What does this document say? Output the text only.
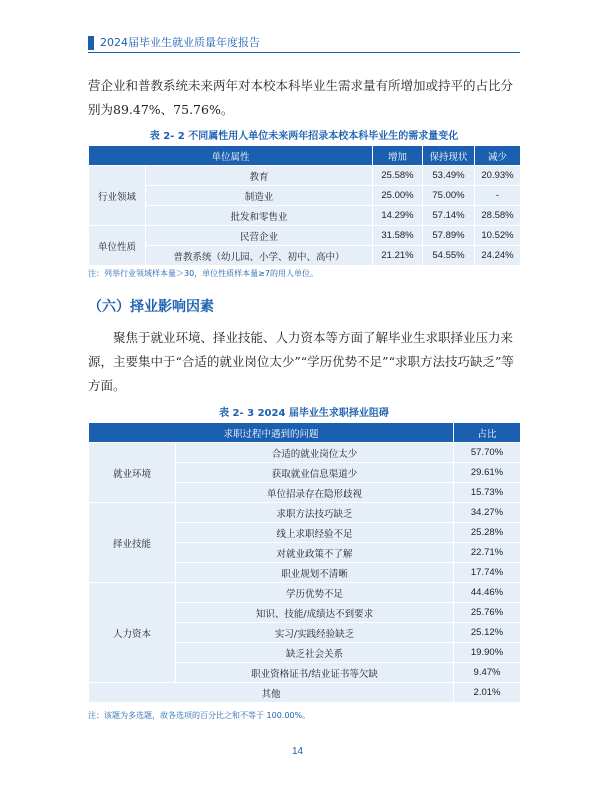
2024届毕业生就业质量年度报告
营企业和普教系统未来两年对本校本科毕业生需求量有所增加或持平的占比分别为89.47%、75.76%。
表 2- 2 不同属性用人单位未来两年招录本校本科毕业生的需求量变化
单位属性		增加	保持现状	减少
行业领域	教育	25.58%	53.49%	20.93%
	制造业	25.00%	75.00%	-
	批发和零售业	14.29%	57.14%	28.58%
单位性质	民营企业	31.58%	57.89%	10.52%
	普教系统（幼儿园、小学、初中、高中）	21.21%	54.55%	24.24%
注：列举行业领域样本量＞30，单位性质样本量≥7的用人单位。
（六）择业影响因素
聚焦于就业环境、择业技能、人力资本等方面了解毕业生求职择业压力来源，主要集中于“合适的就业岗位太少”“学历优势不足”“求职方法技巧缺乏”等方面。
表 2- 3 2024 届毕业生求职择业阻碍
求职过程中遇到的问题		占比
就业环境	合适的就业岗位太少	57.70%
	获取就业信息渠道少	29.61%
	单位招录存在隐形歧视	15.73%
择业技能	求职方法技巧缺乏	34.27%
	线上求职经验不足	25.28%
	对就业政策不了解	22.71%
	职业规划不清晰	17.74%
人力资本	学历优势不足	44.46%
	知识、技能/成绩达不到要求	25.76%
	实习/实践经验缺乏	25.12%
	缺乏社会关系	19.90%
	职业资格证书/结业证书等欠缺	9.47%
其他		2.01%
注：该题为多选题，故各选项的百分比之和不等于 100.00%。
14
